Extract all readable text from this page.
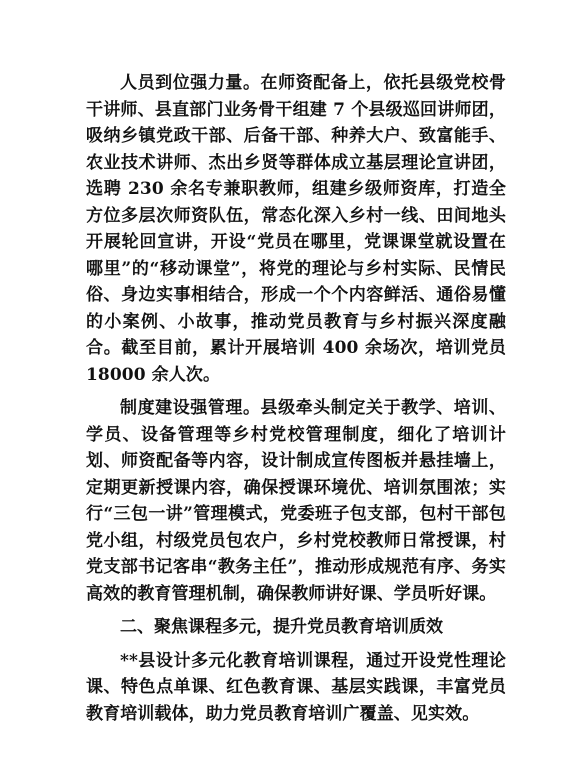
人员到位强力量。在师资配备上，依托县级党校骨干讲师、县直部门业务骨干组建 7 个县级巡回讲师团，吸纳乡镇党政干部、后备干部、种养大户、致富能手、农业技术讲师、杰出乡贤等群体成立基层理论宣讲团，选聘 230 余名专兼职教师，组建乡级师资库，打造全方位多层次师资队伍，常态化深入乡村一线、田间地头开展轮回宣讲，开设“党员在哪里，党课课堂就设置在哪里”的“移动课堂”，将党的理论与乡村实际、民情民俗、身边实事相结合，形成一个个内容鲜活、通俗易懂的小案例、小故事，推动党员教育与乡村振兴深度融合。截至目前，累计开展培训 400 余场次，培训党员 18000 余人次。

制度建设强管理。县级牵头制定关于教学、培训、学员、设备管理等乡村党校管理制度，细化了培训计划、师资配备等内容，设计制成宣传图板并悬挂墙上，定期更新授课内容，确保授课环境优、培训氛围浓；实行“三包一讲”管理模式，党委班子包支部，包村干部包党小组，村级党员包农户，乡村党校教师日常授课，村党支部书记客串“教务主任”，推动形成规范有序、务实高效的教育管理机制，确保教师讲好课、学员听好课。

二、聚焦课程多元，提升党员教育培训质效

**县设计多元化教育培训课程，通过开设党性理论课、特色点单课、红色教育课、基层实践课，丰富党员教育培训载体，助力党员教育培训广覆盖、见实效。
